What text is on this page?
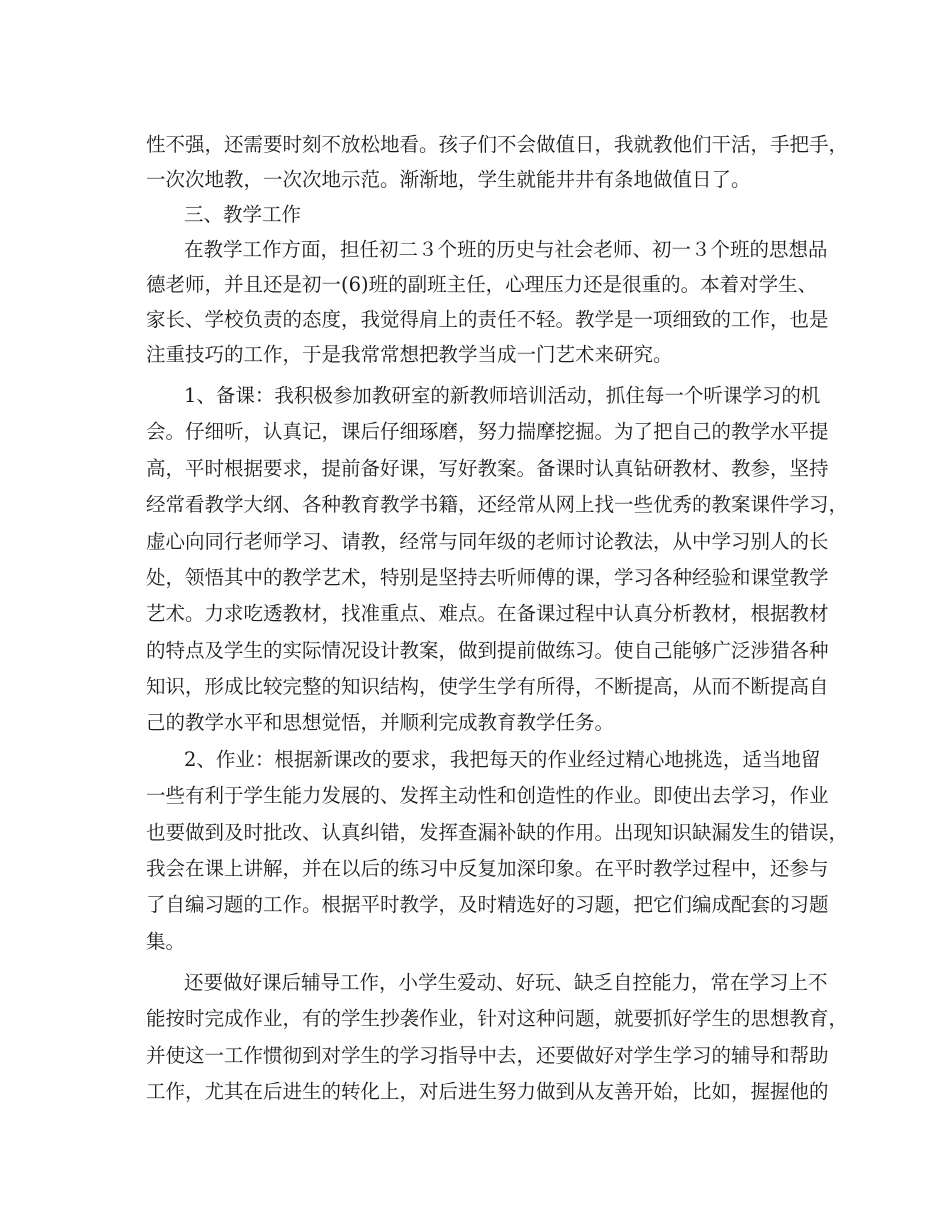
性不强，还需要时刻不放松地看。孩子们不会做值日，我就教他们干活，手把手，
一次次地教，一次次地示范。渐渐地，学生就能井井有条地做值日了。
三、教学工作
在教学工作方面，担任初二３个班的历史与社会老师、初一３个班的思想品
德老师，并且还是初一(6)班的副班主任，心理压力还是很重的。本着对学生、
家长、学校负责的态度，我觉得肩上的责任不轻。教学是一项细致的工作，也是
注重技巧的工作，于是我常常想把教学当成一门艺术来研究。
1、备课：我积极参加教研室的新教师培训活动，抓住每一个听课学习的机
会。仔细听，认真记，课后仔细琢磨，努力揣摩挖掘。为了把自己的教学水平提
高，平时根据要求，提前备好课，写好教案。备课时认真钻研教材、教参，坚持
经常看教学大纲、各种教育教学书籍，还经常从网上找一些优秀的教案课件学习，
虚心向同行老师学习、请教，经常与同年级的老师讨论教法，从中学习别人的长
处，领悟其中的教学艺术，特别是坚持去听师傅的课，学习各种经验和课堂教学
艺术。力求吃透教材，找准重点、难点。在备课过程中认真分析教材，根据教材
的特点及学生的实际情况设计教案，做到提前做练习。使自己能够广泛涉猎各种
知识，形成比较完整的知识结构，使学生学有所得，不断提高，从而不断提高自
己的教学水平和思想觉悟，并顺利完成教育教学任务。
2、作业：根据新课改的要求，我把每天的作业经过精心地挑选，适当地留
一些有利于学生能力发展的、发挥主动性和创造性的作业。即使出去学习，作业
也要做到及时批改、认真纠错，发挥查漏补缺的作用。出现知识缺漏发生的错误，
我会在课上讲解，并在以后的练习中反复加深印象。在平时教学过程中，还参与
了自编习题的工作。根据平时教学，及时精选好的习题，把它们编成配套的习题
集。
还要做好课后辅导工作，小学生爱动、好玩、缺乏自控能力，常在学习上不
能按时完成作业，有的学生抄袭作业，针对这种问题，就要抓好学生的思想教育，
并使这一工作惯彻到对学生的学习指导中去，还要做好对学生学习的辅导和帮助
工作，尤其在后进生的转化上，对后进生努力做到从友善开始，比如，握握他的
